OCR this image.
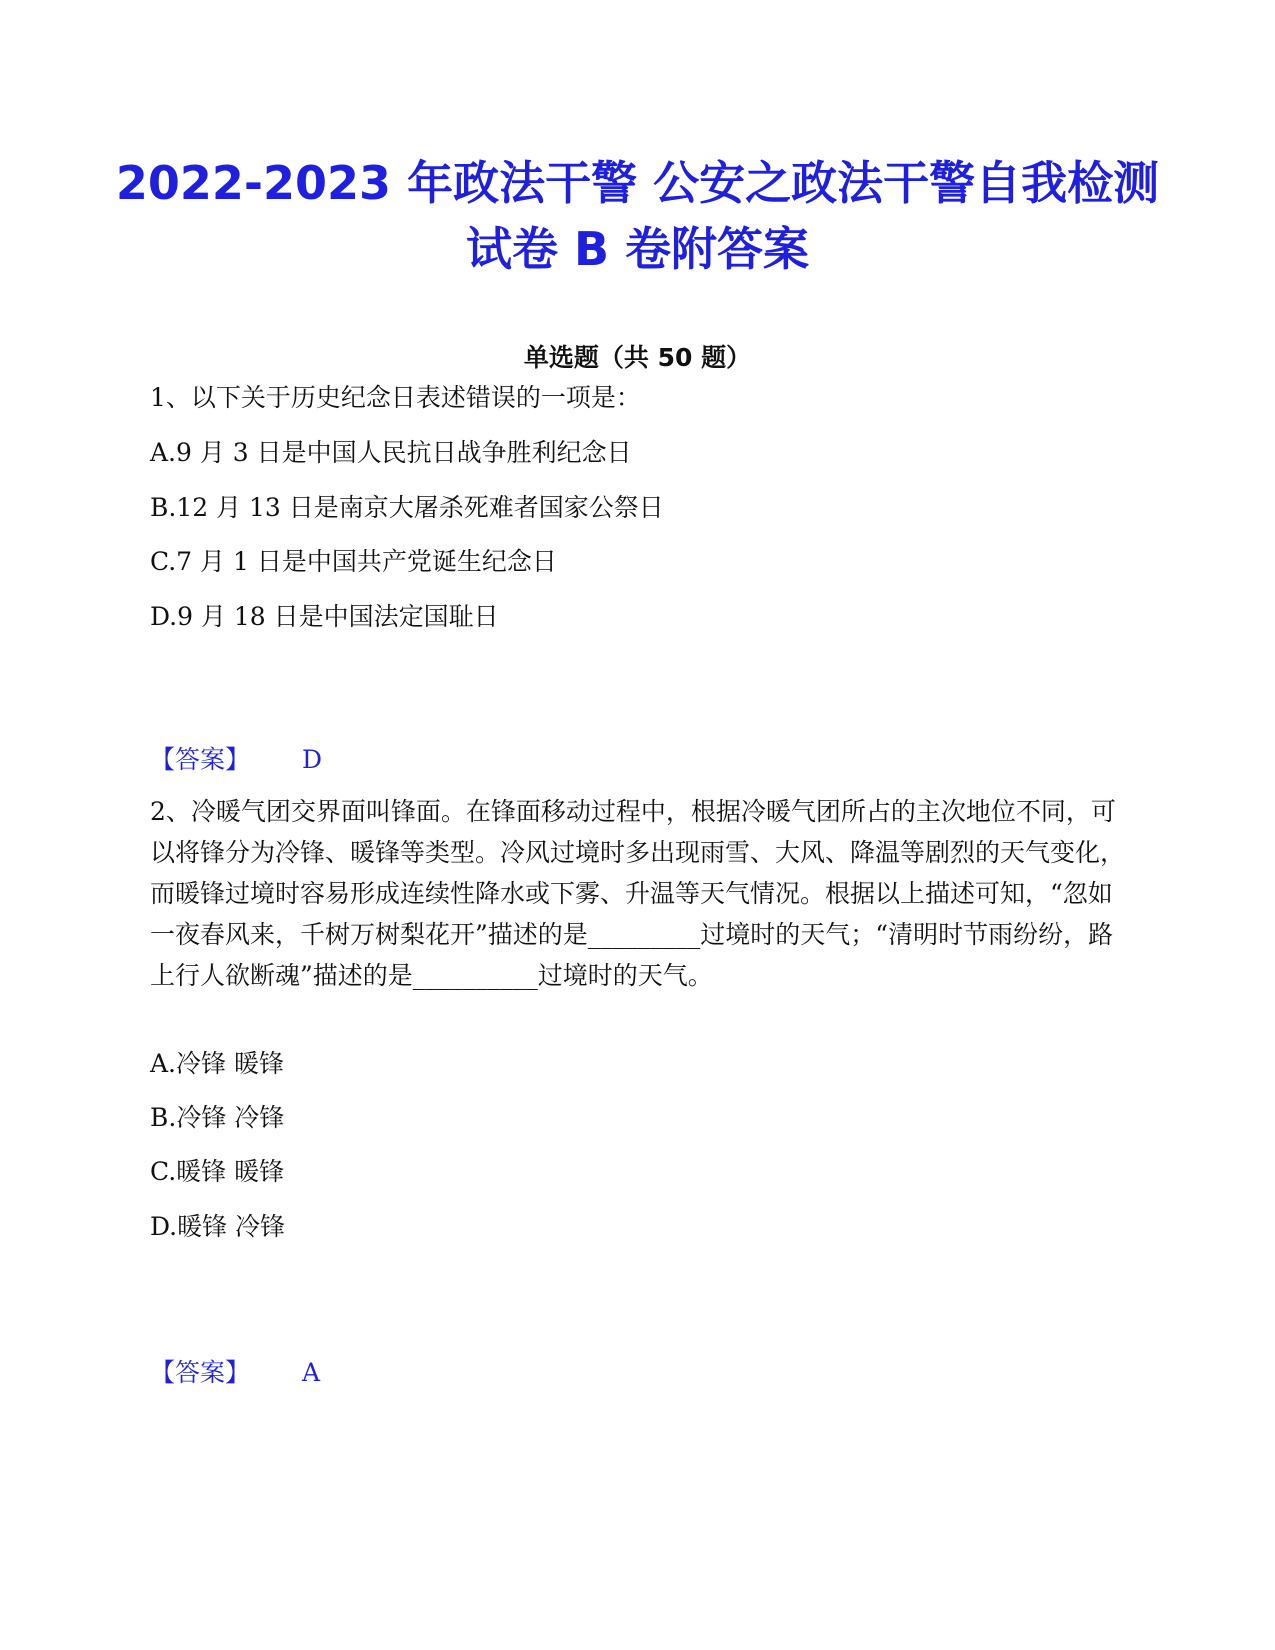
2022-2023 年政法干警 公安之政法干警自我检测试卷 B 卷附答案
单选题（共 50 题）
1、以下关于历史纪念日表述错误的一项是：
A.9 月 3 日是中国人民抗日战争胜利纪念日
B.12 月 13 日是南京大屠杀死难者国家公祭日
C.7 月 1 日是中国共产党诞生纪念日
D.9 月 18 日是中国法定国耻日
【答案】 D
2、冷暖气团交界面叫锋面。在锋面移动过程中，根据冷暖气团所占的主次地位不同，可以将锋分为冷锋、暖锋等类型。冷风过境时多出现雨雪、大风、降温等剧烈的天气变化，而暖锋过境时容易形成连续性降水或下雾、升温等天气情况。根据以上描述可知，“忽如一夜春风来，千树万树梨花开”描述的是_________过境时的天气；“清明时节雨纷纷，路上行人欲断魂”描述的是__________过境时的天气。
A.冷锋 暖锋
B.冷锋 冷锋
C.暖锋 暖锋
D.暖锋 冷锋
【答案】 A
